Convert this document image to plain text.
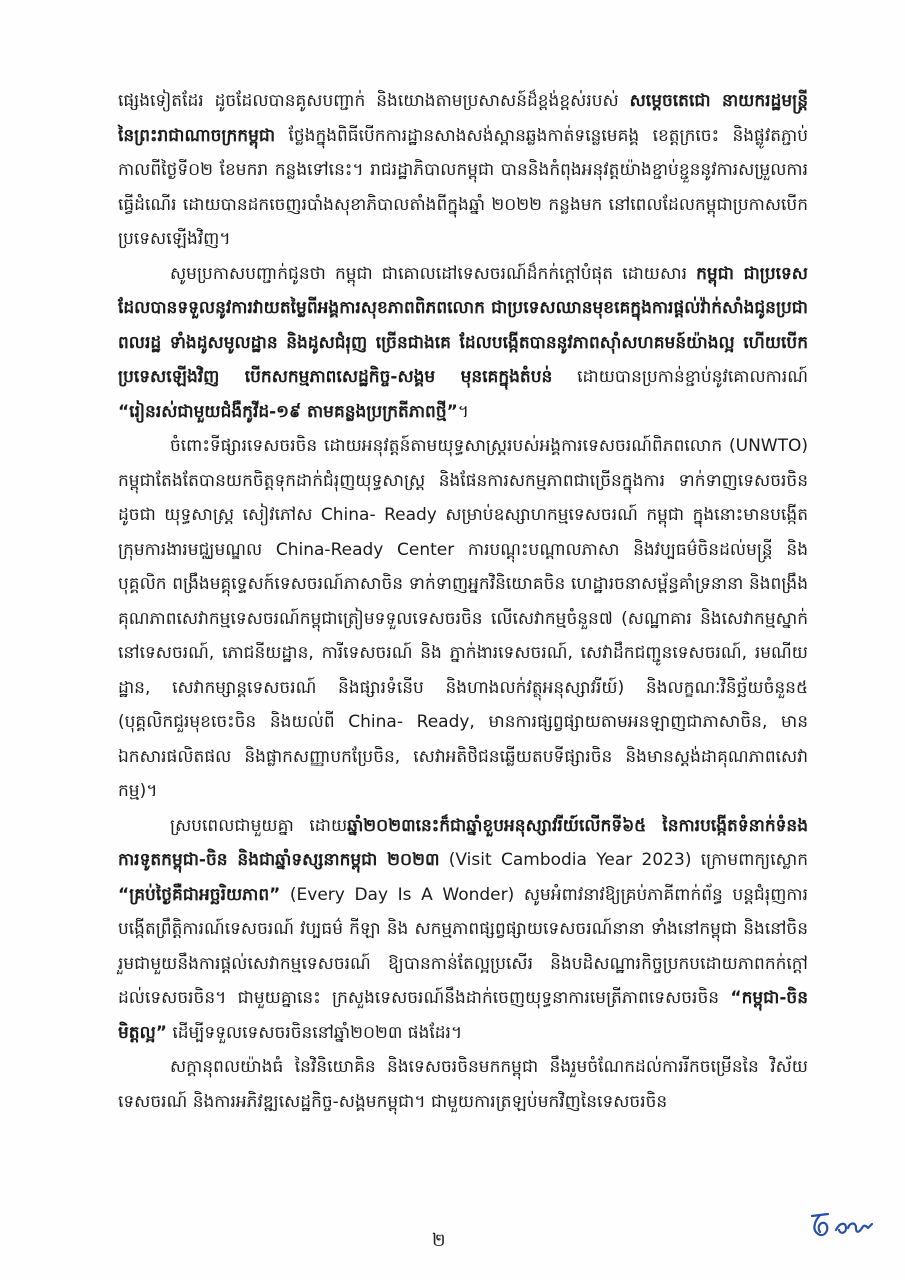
ផ្សេងទៀតដែរ ដូចដែលបានគូសបញ្ជាក់ និងយោងតាមប្រសាសន៍ដ៏ខ្ពង់ខ្ពស់របស់ សម្តេចតេជោ នាយករដ្ឋមន្ត្រី នៃព្រះរាជាណាចក្រកម្ពុជា ថ្លែងក្នុងពិធីបើកការដ្ឋានសាងសង់ស្ពានឆ្លងកាត់ទន្លេមេគង្គ ខេត្តក្រចេះ និងផ្លូវតភ្ជាប់ កាលពីថ្ងៃទី០២ ខែមករា កន្លងទៅនេះ។ រាជរដ្ឋាភិបាលកម្ពុជា បាននិងកំពុងអនុវត្តយ៉ាងខ្ជាប់ខ្ជួននូវការសម្រួលការ ធ្វើដំណើរ ដោយបានដកចេញរបាំងសុខាភិបាលតាំងពីក្នុងឆ្នាំ ២០២២ កន្លងមក នៅពេលដែលកម្ពុជាប្រកាសបើកប្រទេសឡើងវិញ។

សូមប្រកាសបញ្ជាក់ជូនថា កម្ពុជា ជាគោលដៅទេសចរណ៍ដ៏កក់ក្តៅបំផុត ដោយសារ កម្ពុជា ជាប្រទេសដែលបានទទួលនូវការវាយតម្លៃពីអង្គការសុខភាពពិភពលោក ជាប្រទេសឈានមុខគេក្នុងការផ្តល់វ៉ាក់សាំងជូនប្រជាពលរដ្ឋ ទាំងដូសមូលដ្ឋាន និងដូសជំរុញ ច្រើនជាងគេ ដែលបង្កើតបាននូវភាពស៊ាំសហគមន៍យ៉ាងល្អ ហើយបើកប្រទេសឡើងវិញ បើកសកម្មភាពសេដ្ឋកិច្ច-សង្គម មុនគេក្នុងតំបន់ ដោយបានប្រកាន់ខ្ជាប់នូវគោលការណ៍ “រៀនរស់ជាមួយជំងឺកូវីដ-១៩ តាមគន្លងប្រក្រតីភាពថ្មី”។

ចំពោះទីផ្សារទេសចរចិន ដោយអនុវត្តន៍តាមយុទ្ធសាស្ត្ររបស់អង្គការទេសចរណ៍ពិភពលោក (UNWTO) កម្ពុជាតែងតែបានយកចិត្តទុកដាក់ជំរុញយុទ្ធសាស្ត្រ និងផែនការសកម្មភាពជាច្រើនក្នុងការ ទាក់ទាញទេសចរចិន ដូចជា យុទ្ធសាស្ត្រ សៀវភៅស China- Ready សម្រាប់ឧស្សាហកម្មទេសចរណ៍ កម្ពុជា ក្នុងនោះមានបង្កើតក្រុមការងារមជ្ឈមណ្ឌល China-Ready Center ការបណ្តុះបណ្តាលភាសា និងវប្បធម៌ចិនដល់មន្ត្រី និងបុគ្គលិក ពង្រឹងមគ្គុទ្ទេសក៍ទេសចរណ៍ភាសាចិន ទាក់ទាញអ្នកវិនិយោគចិន ហេដ្ឋារចនាសម្ព័ន្ធគាំទ្រនានា និងពង្រឹងគុណភាពសេវាកម្មទេសចរណ៍កម្ពុជាត្រៀមទទួលទេសចរចិន លើសេវាកម្មចំនួន៧ (សណ្ឋាគារ និងសេវាកម្មស្នាក់នៅទេសចរណ៍, ភោជនីយដ្ឋាន, ការីទេសចរណ៍ និង ភ្នាក់ងារទេសចរណ៍, សេវាដឹកជញ្ជូនទេសចរណ៍, រមណីយដ្ឋាន, សេវាកម្សាន្តទេសចរណ៍ និងផ្សារទំនើប និងហាងលក់វត្ថុអនុស្សាវរីយ៍) និងលក្ខណៈវិនិច្ឆ័យចំនួន៥ (បុគ្គលិកជួរមុខចេះចិន និងយល់ពី China- Ready, មានការផ្សព្វផ្សាយតាមអនឡាញជាភាសាចិន, មានឯកសារផលិតផល និងផ្លាកសញ្ញាបកប្រែចិន, សេវាអតិថិជនឆ្លើយតបទីផ្សារចិន និងមានស្តង់ដាគុណភាពសេវាកម្ម)។

ស្របពេលជាមួយគ្នា ដោយឆ្នាំ២០២៣នេះក៏ជាឆ្នាំខួបអនុស្សាវរីយ៍លើកទី៦៥ នៃការបង្កើតទំនាក់ទំនង ការទូតកម្ពុជា-ចិន និងជាឆ្នាំទស្សនាកម្ពុជា ២០២៣ (Visit Cambodia Year 2023) ក្រោមពាក្យស្លោក “គ្រប់ថ្ងៃគឺជាអច្ឆរិយភាព” (Every Day Is A Wonder) សូមអំពាវនាវឱ្យគ្រប់ភាគីពាក់ព័ន្ធ បន្តជំរុញការបង្កើតព្រឹត្តិការណ៍ទេសចរណ៍ វប្បធម៌ កីឡា និង សកម្មភាពផ្សព្វផ្សាយទេសចរណ៍នានា ទាំងនៅកម្ពុជា និងនៅចិន រួមជាមួយនឹងការផ្តល់សេវាកម្មទេសចរណ៍ ឱ្យបានកាន់តែល្អប្រសើរ និងបដិសណ្ឋារកិច្ចប្រកបដោយភាពកក់ក្តៅដល់ទេសចរចិន។ ជាមួយគ្នានេះ ក្រសួងទេសចរណ៍នឹងដាក់ចេញយុទ្ធនាការមេត្រីភាពទេសចរចិន “កម្ពុជា-ចិន មិត្តល្អ” ដើម្បីទទួលទេសចរចិននៅឆ្នាំ២០២៣ ផងដែរ។

សក្តានុពលយ៉ាងធំ នៃវិនិយោគិន និងទេសចរចិនមកកម្ពុជា នឹងរួមចំណែកដល់ការរីកចម្រើននៃ វិស័យទេសចរណ៍ និងការអភិវឌ្ឍសេដ្ឋកិច្ច-សង្គមកម្ពុជា។ ជាមួយការត្រឡប់មកវិញនៃទេសចរចិន

២
